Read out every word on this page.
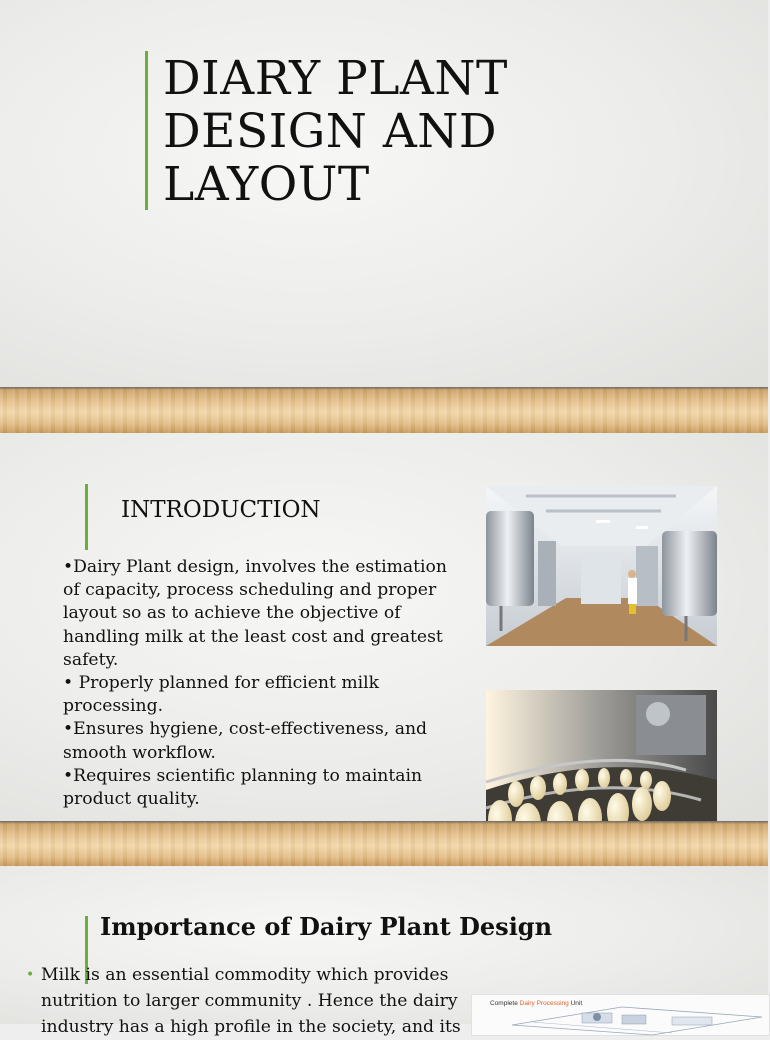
DIARY PLANT
DESIGN AND
LAYOUT
INTRODUCTION

•Dairy Plant design, involves the estimation of capacity, process scheduling and proper layout so as to achieve the objective of handling milk at the least cost and greatest safety.

• Properly planned for efficient milk processing.

•Ensures hygiene, cost-effectiveness, and smooth workflow.

•Requires scientific planning to maintain product quality.

Importance of Dairy Plant Design
• Milk is an essential commodity which provides nutrition to larger community . Hence the dairy industry has a high profile in the society, and its
Complete Dairy Processing Unit
